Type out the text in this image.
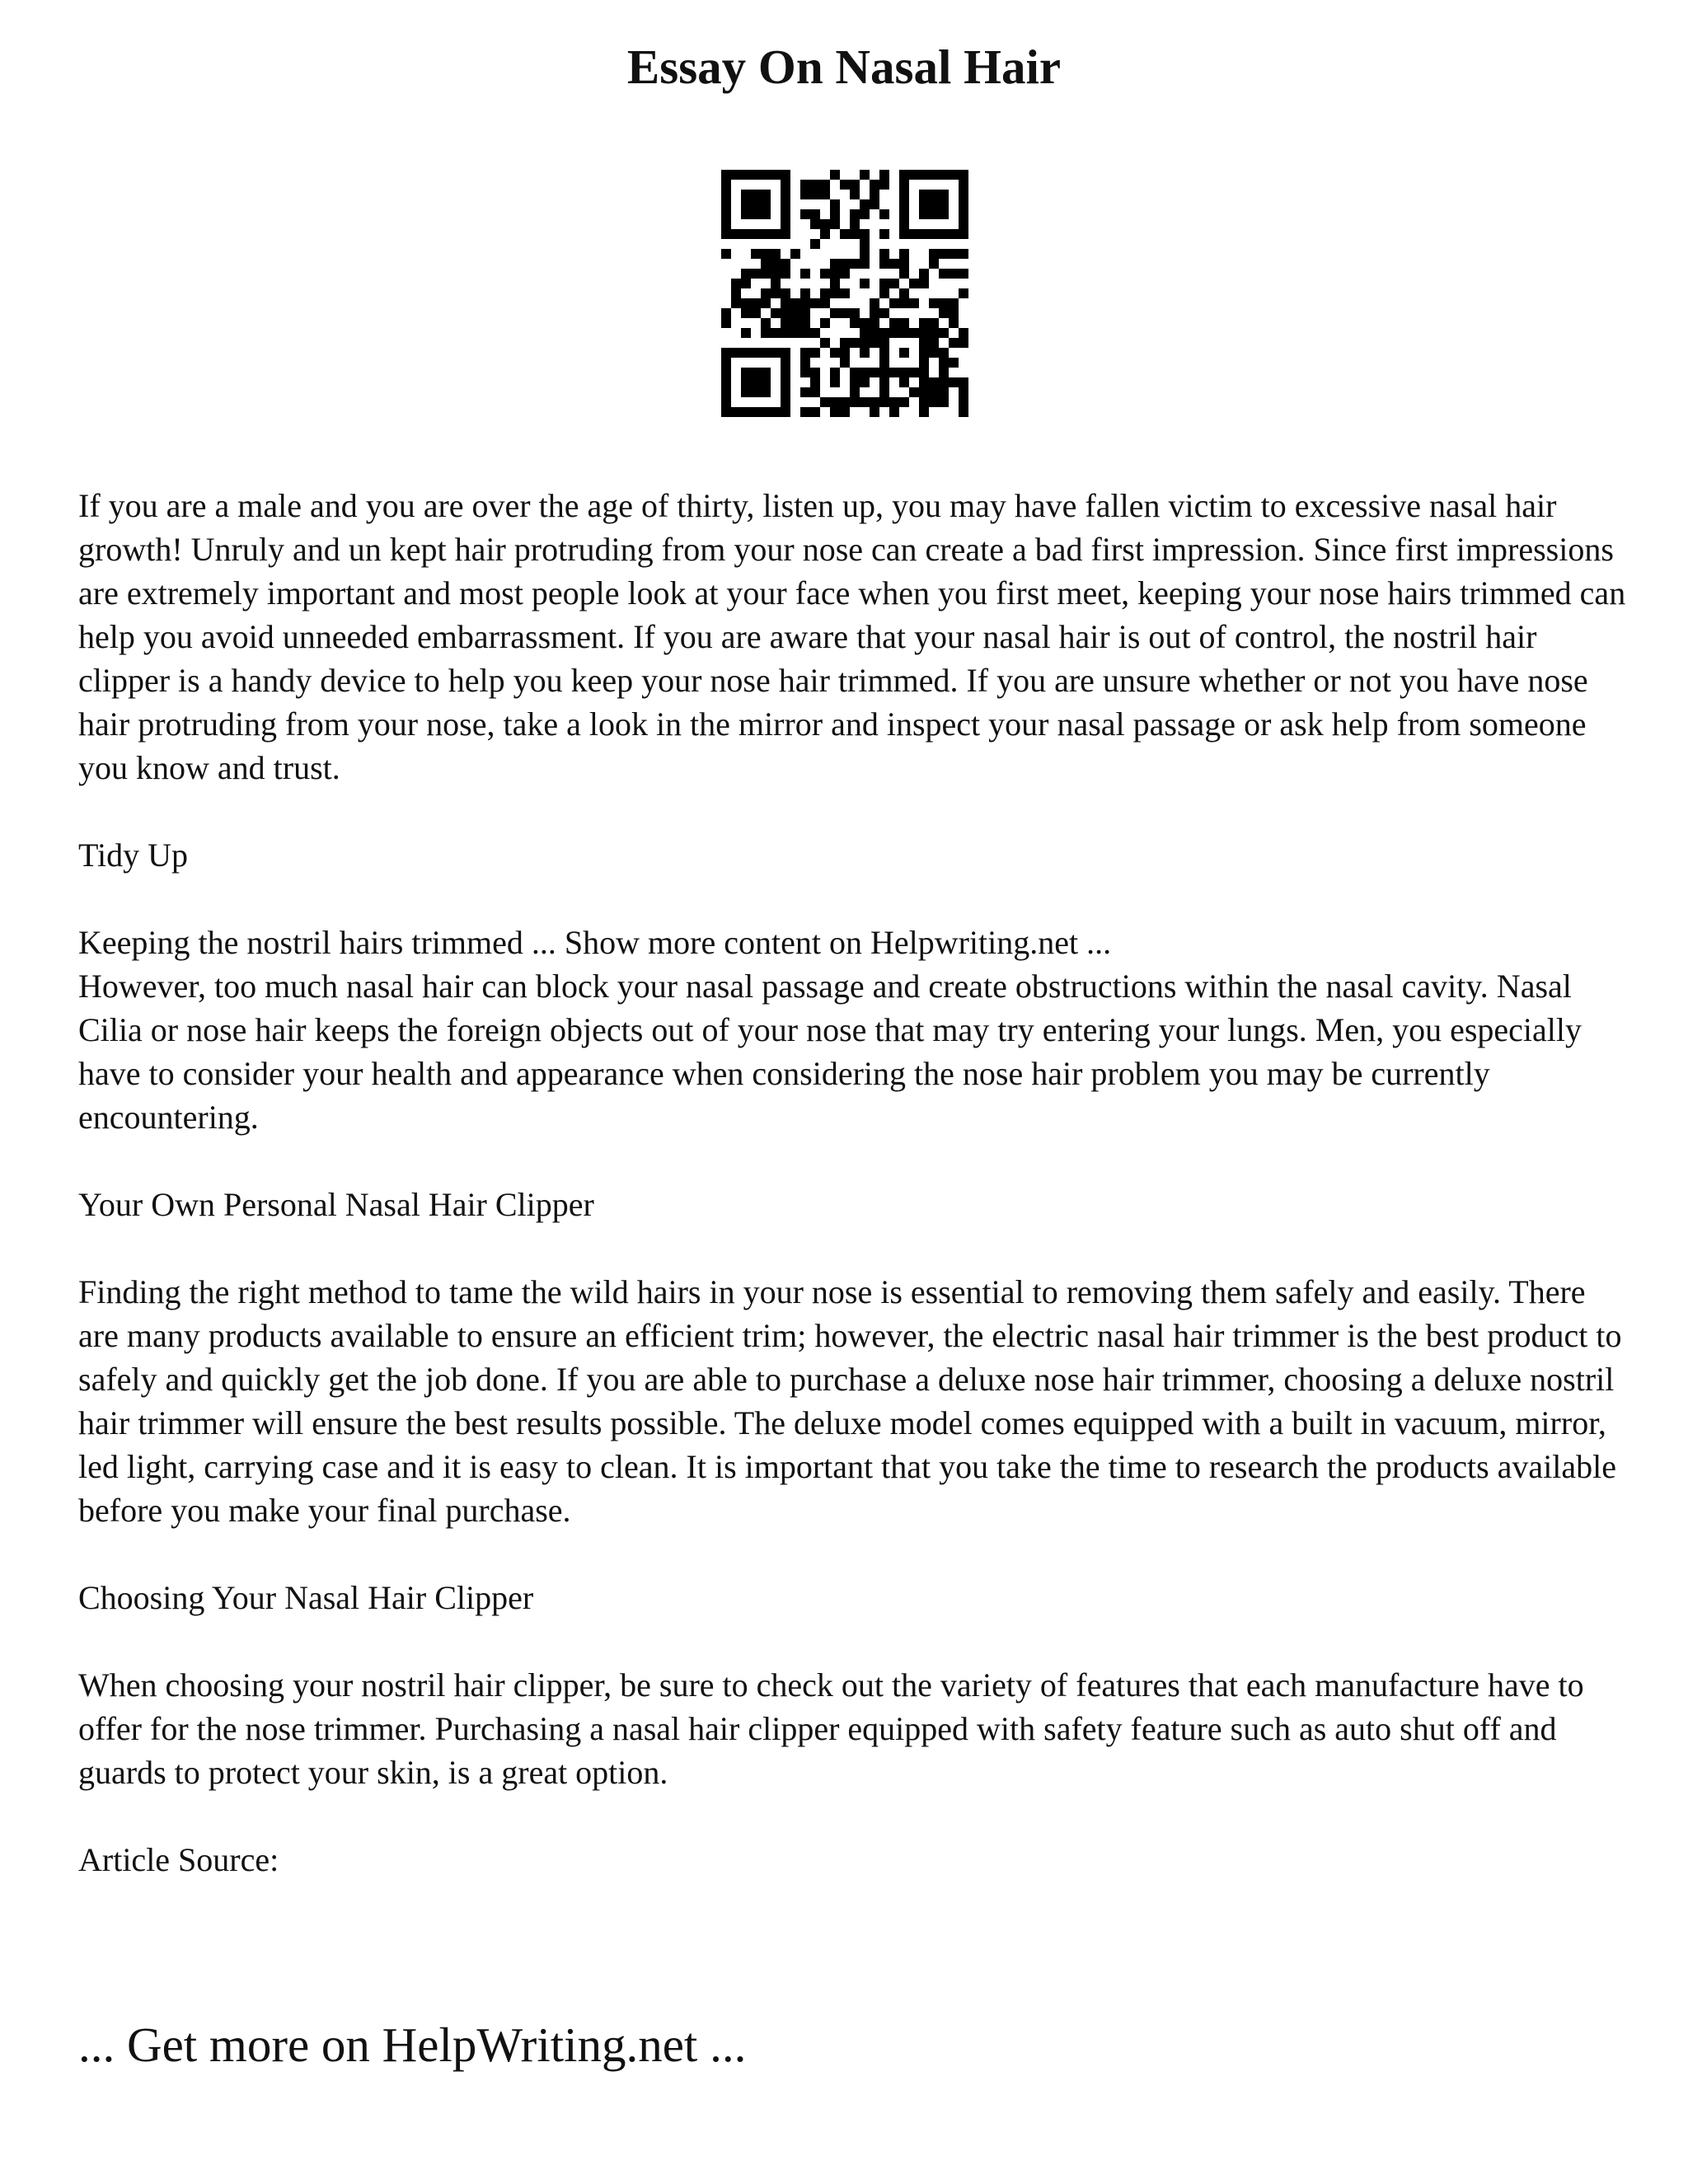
Essay On Nasal Hair

If you are a male and you are over the age of thirty, listen up, you may have fallen victim to excessive nasal hair growth! Unruly and un kept hair protruding from your nose can create a bad first impression. Since first impressions are extremely important and most people look at your face when you first meet, keeping your nose hairs trimmed can help you avoid unneeded embarrassment. If you are aware that your nasal hair is out of control, the nostril hair clipper is a handy device to help you keep your nose hair trimmed. If you are unsure whether or not you have nose hair protruding from your nose, take a look in the mirror and inspect your nasal passage or ask help from someone you know and trust.

Tidy Up

Keeping the nostril hairs trimmed ... Show more content on Helpwriting.net ...

However, too much nasal hair can block your nasal passage and create obstructions within the nasal cavity. Nasal Cilia or nose hair keeps the foreign objects out of your nose that may try entering your lungs. Men, you especially have to consider your health and appearance when considering the nose hair problem you may be currently encountering.

Your Own Personal Nasal Hair Clipper

Finding the right method to tame the wild hairs in your nose is essential to removing them safely and easily. There are many products available to ensure an efficient trim; however, the electric nasal hair trimmer is the best product to safely and quickly get the job done. If you are able to purchase a deluxe nose hair trimmer, choosing a deluxe nostril hair trimmer will ensure the best results possible. The deluxe model comes equipped with a built in vacuum, mirror, led light, carrying case and it is easy to clean. It is important that you take the time to research the products available before you make your final purchase.

Choosing Your Nasal Hair Clipper

When choosing your nostril hair clipper, be sure to check out the variety of features that each manufacture have to offer for the nose trimmer. Purchasing a nasal hair clipper equipped with safety feature such as auto shut off and guards to protect your skin, is a great option.

Article Source:

... Get more on HelpWriting.net ...
